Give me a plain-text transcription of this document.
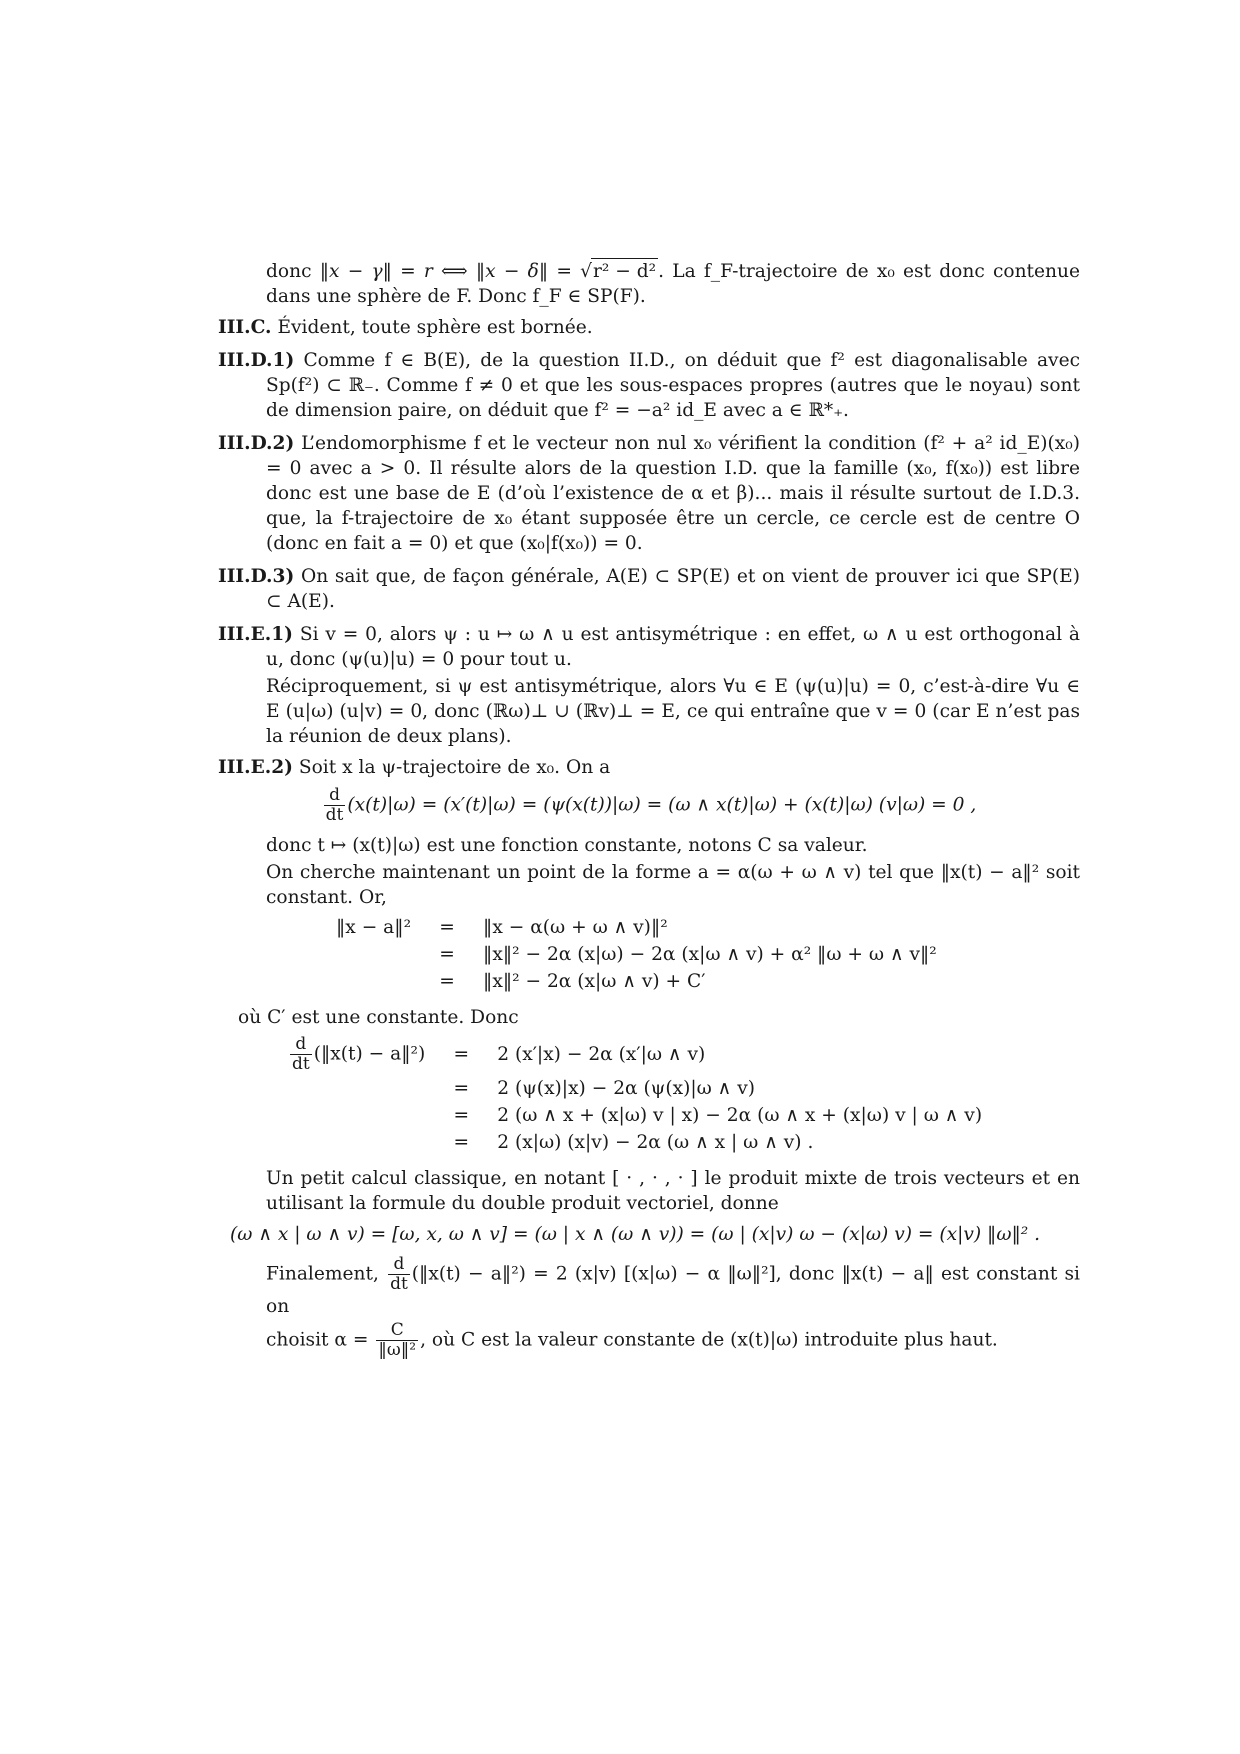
donc ‖x − γ‖ = r ⟺ ‖x − δ‖ = √r² − d² . La f_F-trajectoire de x₀ est donc contenue dans une sphère de F. Donc f_F ∈ SP(F).

III.C. Évident, toute sphère est bornée.

III.D.1) Comme f ∈ B(E), de la question II.D., on déduit que f² est diagonalisable avec Sp(f²) ⊂ ℝ₋. Comme f ≠ 0 et que les sous-espaces propres (autres que le noyau) sont de dimension paire, on déduit que f² = −a² id_E avec a ∈ ℝ*₊.

III.D.2) L’endomorphisme f et le vecteur non nul x₀ vérifient la condition (f² + a² id_E)(x₀) = 0 avec a > 0. Il résulte alors de la question I.D. que la famille (x₀, f(x₀)) est libre donc est une base de E (d’où l’existence de α et β)... mais il résulte surtout de I.D.3. que, la f-trajectoire de x₀ étant supposée être un cercle, ce cercle est de centre O (donc en fait a = 0) et que (x₀|f(x₀)) = 0.

III.D.3) On sait que, de façon générale, A(E) ⊂ SP(E) et on vient de prouver ici que SP(E) ⊂ A(E).

III.E.1) Si v = 0, alors ψ : u ↦ ω ∧ u est antisymétrique : en effet, ω ∧ u est orthogonal à u, donc (ψ(u)|u) = 0 pour tout u.

Réciproquement, si ψ est antisymétrique, alors ∀u ∈ E (ψ(u)|u) = 0, c’est-à-dire ∀u ∈ E (u|ω) (u|v) = 0, donc (ℝω)⊥ ∪ (ℝv)⊥ = E, ce qui entraîne que v = 0 (car E n’est pas la réunion de deux plans).

III.E.2) Soit x la ψ-trajectoire de x₀. On a

$\frac{d}{dt} (x(t)|\omega) = (x'(t)|\omega) = (\psi(x(t))|\omega) = (\omega$ ∧ x(t)|ω) + (x(t)|ω) (v|ω) = 0 ,

donc t ↦ (x(t)|ω) est une fonction constante, notons C sa valeur.

On cherche maintenant un point de la forme a = α(ω + ω ∧ v) tel que ‖x(t) − a‖² soit constant. Or,

‖x − a‖²	=	‖x − α(ω + ω ∧ v)‖²
	=	‖x‖² − 2α (x|ω) − 2α (x|ω ∧ v) + α² ‖ω + ω ∧ v‖²
	=	‖x‖² − 2α (x|ω ∧ v) + C′

où C′ est une constante. Donc

$\frac{d}{dt}$ (‖x(t) − a‖²)	=	2 (x′|x) − 2α (x′|ω ∧ v)
	=	2 (ψ(x)|x) − 2α (ψ(x)|ω ∧ v)
	=	2 (ω ∧ x + (x|ω) v | x) − 2α (ω ∧ x + (x|ω) v | ω ∧ v)
	=	2 (x|ω) (x|v) − 2α (ω ∧ x | ω ∧ v) .

Un petit calcul classique, en notant [ · , · , · ] le produit mixte de trois vecteurs et en utilisant la formule du double produit vectoriel, donne

(ω ∧ x | ω ∧ v) = [ω, x, ω ∧ v] = (ω | x ∧ (ω ∧ v)) = (ω | (x|v) ω − (x|ω) v) = (x|v) ‖ω‖² .

Finalement, $\frac{d}{dt}$ (‖x(t) − a‖²) = 2 (x|v) [(x|ω) − α ‖ω‖²], donc ‖x(t) − a‖ est constant si on

choisit $\alpha = \frac{C}{\text{‖ω‖²}}$ , où C est la valeur constante de (x(t)|ω) introduite plus haut.
